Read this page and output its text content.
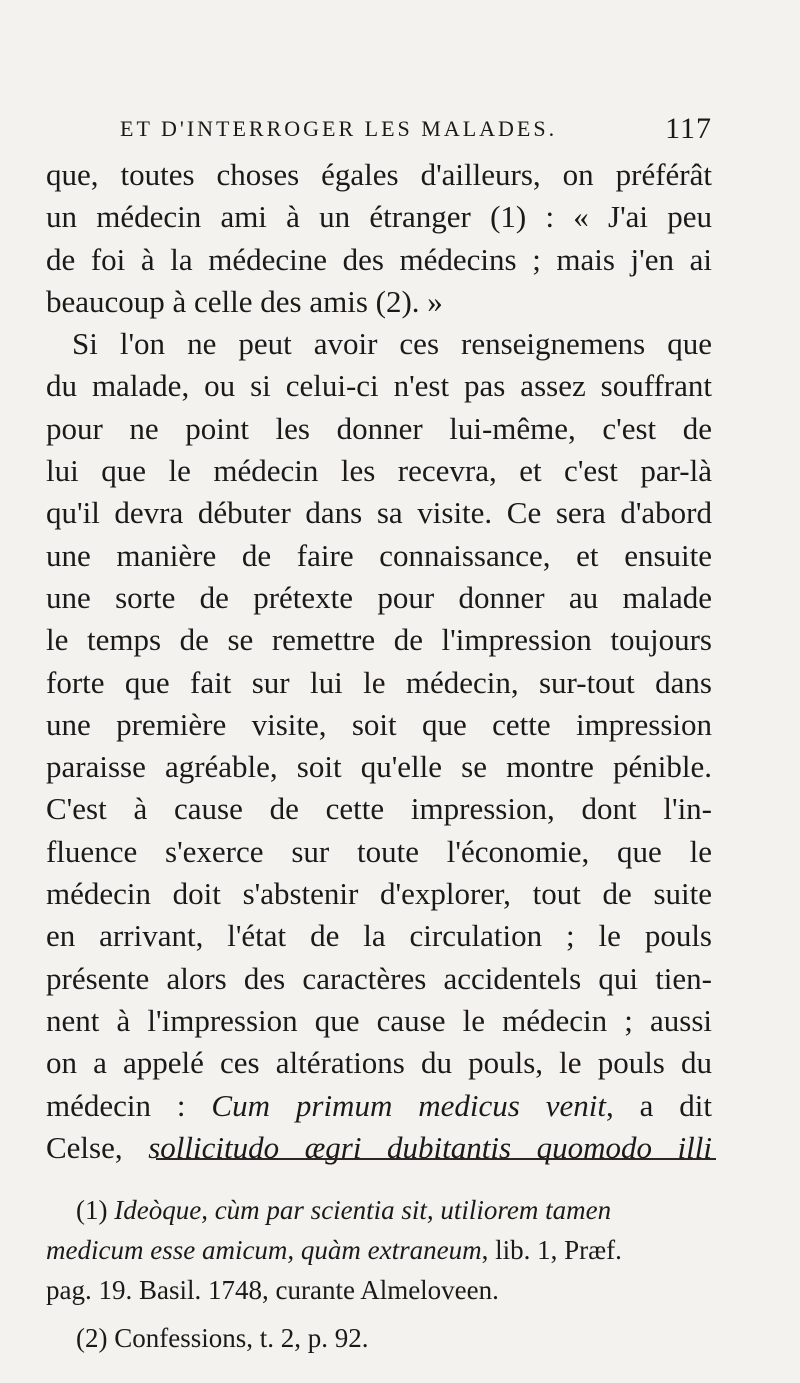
ET D'INTERROGER LES MALADES.	117
que, toutes choses égales d'ailleurs, on préférât
un médecin ami à un étranger (1) : « J'ai peu
de foi à la médecine des médecins ; mais j'en ai
beaucoup à celle des amis (2). »
Si l'on ne peut avoir ces renseignemens que
du malade, ou si celui-ci n'est pas assez souffrant
pour ne point les donner lui-même, c'est de
lui que le médecin les recevra, et c'est par-là
qu'il devra débuter dans sa visite. Ce sera d'abord
une manière de faire connaissance, et ensuite
une sorte de prétexte pour donner au malade
le temps de se remettre de l'impression toujours
forte que fait sur lui le médecin, sur-tout dans
une première visite, soit que cette impression
paraisse agréable, soit qu'elle se montre pénible.
C'est à cause de cette impression, dont l'in-
fluence s'exerce sur toute l'économie, que le
médecin doit s'abstenir d'explorer, tout de suite
en arrivant, l'état de la circulation ; le pouls
présente alors des caractères accidentels qui tien-
nent à l'impression que cause le médecin ; aussi
on a appelé ces altérations du pouls, le pouls du
médecin : Cum primum medicus venit, a dit
Celse, sollicitudo ægri dubitantis quomodo illi
(1) Ideòque, cùm par scientia sit, utiliorem tamen
medicum esse amicum, quàm extraneum, lib. 1, Præf.
pag. 19. Basil. 1748, curante Almeloveen.
(2) Confessions, t. 2, p. 92.
